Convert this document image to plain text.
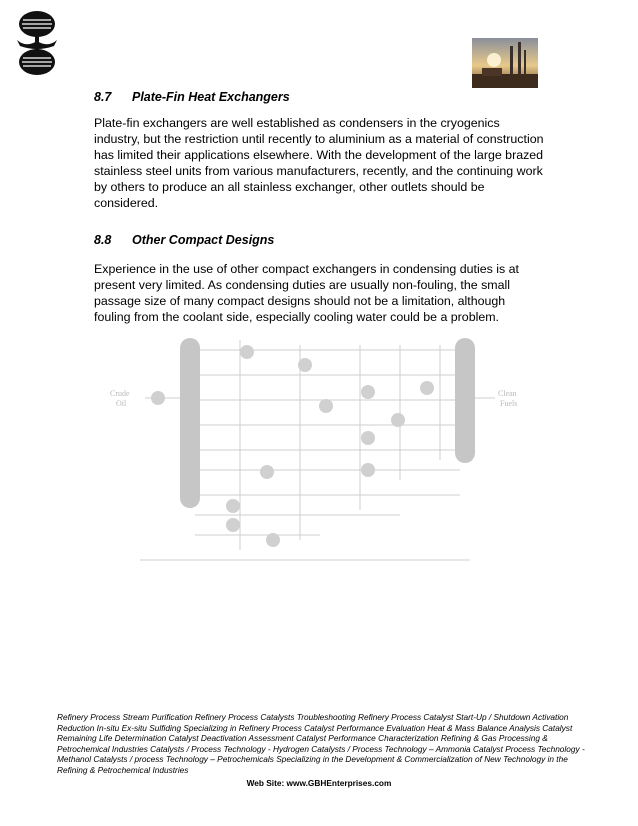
8.7 Plate-Fin Heat Exchangers

Plate-fin exchangers are well established as condensers in the cryogenics industry, but the restriction until recently to aluminium as a material of construction has limited their applications elsewhere. With the development of the large brazed stainless steel units from various manufacturers, recently, and the continuing work by others to produce an all stainless exchanger, other outlets should be considered.

8.8 Other Compact Designs

Experience in the use of other compact exchangers in condensing duties is at present very limited. As condensing duties are usually non-fouling, the small passage size of many compact designs should not be a limitation, although fouling from the coolant side, especially cooling water could be a problem.

Crude
Oil
Clean
Fuels

Refinery Process Stream Purification Refinery Process Catalysts Troubleshooting Refinery Process Catalyst Start-Up / Shutdown Activation Reduction In-situ Ex-situ Sulfiding Specializing in Refinery Process Catalyst Performance Evaluation Heat & Mass Balance Analysis Catalyst Remaining Life Determination Catalyst Deactivation Assessment Catalyst Performance Characterization Refining & Gas Processing & Petrochemical Industries Catalysts / Process Technology - Hydrogen Catalysts / Process Technology – Ammonia Catalyst Process Technology - Methanol Catalysts / process Technology – Petrochemicals Specializing in the Development & Commercialization of New Technology in the Refining & Petrochemical Industries

Web Site: www.GBHEnterprises.com
